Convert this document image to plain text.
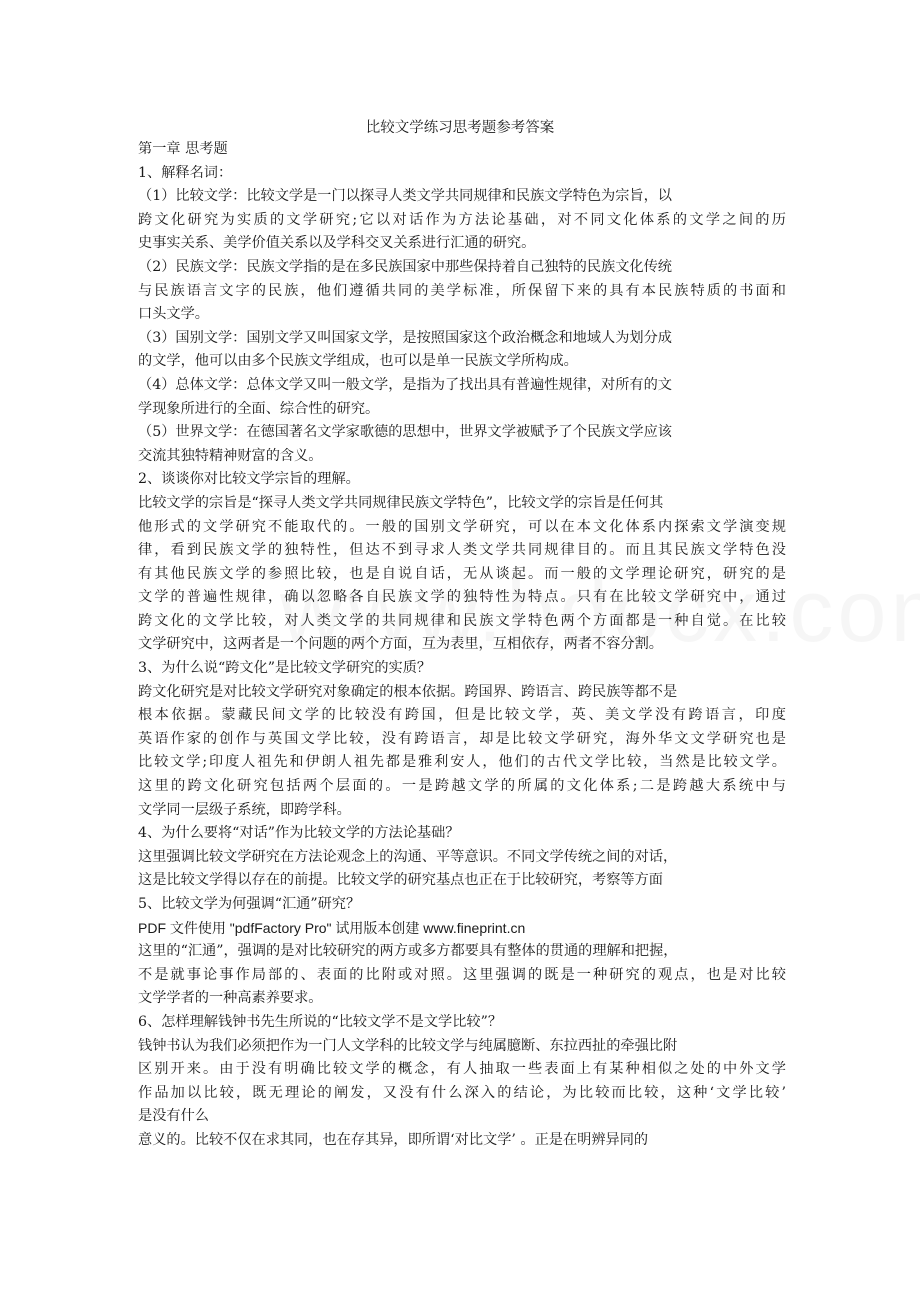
比较文学练习思考题参考答案
第一章 思考题
1、解释名词：
（1）比较文学：比较文学是一门以探寻人类文学共同规律和民族文学特色为宗旨，以
跨文化研究为实质的文学研究;它以对话作为方法论基础，对不同文化体系的文学之间的历
史事实关系、美学价值关系以及学科交叉关系进行汇通的研究。
（2）民族文学：民族文学指的是在多民族国家中那些保持着自己独特的民族文化传统
与民族语言文字的民族，他们遵循共同的美学标准，所保留下来的具有本民族特质的书面和
口头文学。
（3）国别文学：国别文学又叫国家文学，是按照国家这个政治概念和地域人为划分成
的文学，他可以由多个民族文学组成，也可以是单一民族文学所构成。
（4）总体文学：总体文学又叫一般文学，是指为了找出具有普遍性规律，对所有的文
学现象所进行的全面、综合性的研究。
（5）世界文学：在德国著名文学家歌德的思想中，世界文学被赋予了个民族文学应该
交流其独特精神财富的含义。
2、谈谈你对比较文学宗旨的理解。
比较文学的宗旨是“探寻人类文学共同规律民族文学特色”，比较文学的宗旨是任何其
他形式的文学研究不能取代的。一般的国别文学研究，可以在本文化体系内探索文学演变规
律，看到民族文学的独特性，但达不到寻求人类文学共同规律目的。而且其民族文学特色没
有其他民族文学的参照比较，也是自说自话，无从谈起。而一般的文学理论研究，研究的是
文学的普遍性规律，确以忽略各自民族文学的独特性为特点。只有在比较文学研究中，通过
跨文化的文学比较，对人类文学的共同规律和民族文学特色两个方面都是一种自觉。在比较
文学研究中，这两者是一个问题的两个方面，互为表里，互相依存，两者不容分割。
3、为什么说“跨文化”是比较文学研究的实质？
跨文化研究是对比较文学研究对象确定的根本依据。跨国界、跨语言、跨民族等都不是
根本依据。蒙藏民间文学的比较没有跨国，但是比较文学，英、美文学没有跨语言，印度
英语作家的创作与英国文学比较，没有跨语言，却是比较文学研究，海外华文文学研究也是
比较文学;印度人祖先和伊朗人祖先都是雅利安人，他们的古代文学比较，当然是比较文学。
这里的跨文化研究包括两个层面的。一是跨越文学的所属的文化体系;二是跨越大系统中与
文学同一层级子系统，即跨学科。
4、为什么要将“对话”作为比较文学的方法论基础？
这里强调比较文学研究在方法论观念上的沟通、平等意识。不同文学传统之间的对话，
这是比较文学得以存在的前提。比较文学的研究基点也正在于比较研究，考察等方面
5、比较文学为何强调“汇通”研究？
PDF 文件使用 "pdfFactory Pro" 试用版本创建 www.fineprint.cn
这里的“汇通”，强调的是对比较研究的两方或多方都要具有整体的贯通的理解和把握，
不是就事论事作局部的、表面的比附或对照。这里强调的既是一种研究的观点，也是对比较
文学学者的一种高素养要求。
6、怎样理解钱钟书先生所说的“比较文学不是文学比较”？
钱钟书认为我们必须把作为一门人文学科的比较文学与纯属臆断、东拉西扯的牵强比附
区别开来。由于没有明确比较文学的概念，有人抽取一些表面上有某种相似之处的中外文学
作品加以比较，既无理论的阐发，又没有什么深入的结论，为比较而比较，这种‘文学比较’
是没有什么
意义的。比较不仅在求其同，也在存其异，即所谓‘对比文学’ 。正是在明辨异同的
